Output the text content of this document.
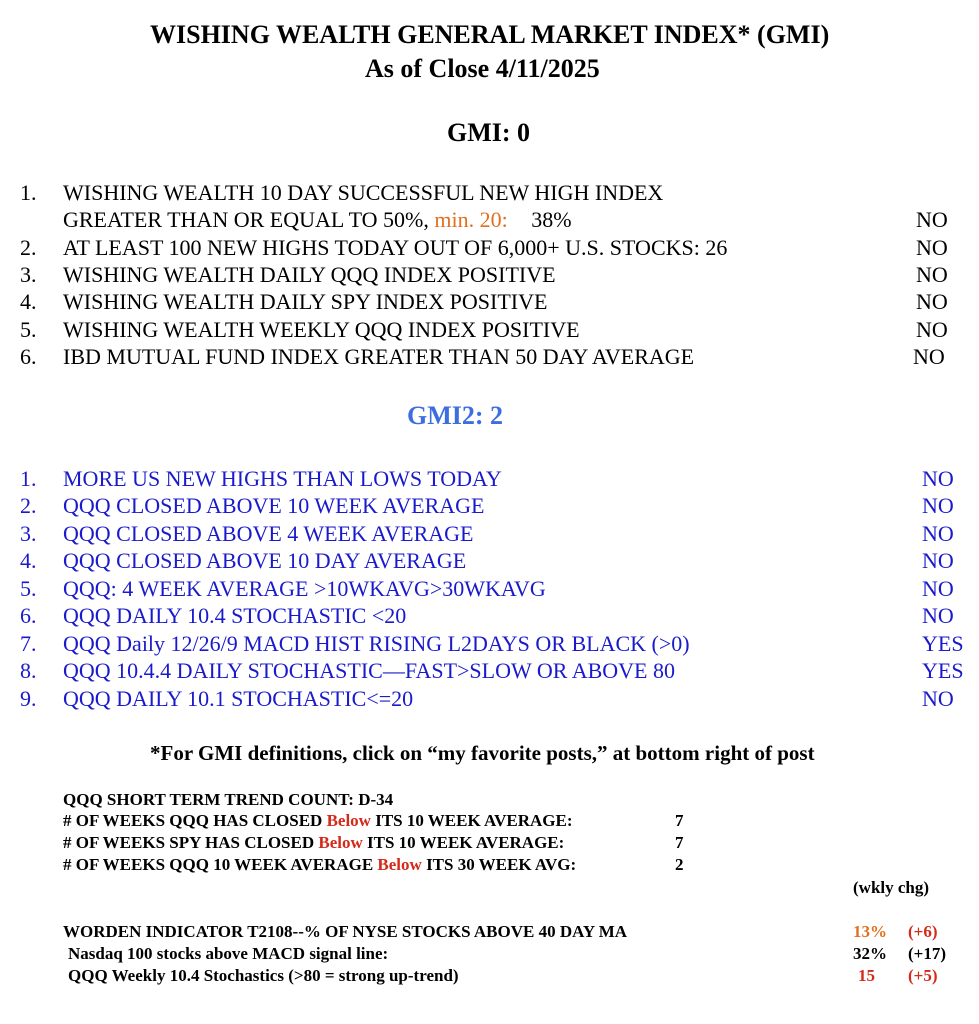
WISHING WEALTH GENERAL MARKET INDEX* (GMI)
As of Close 4/11/2025
GMI: 0
1. WISHING WEALTH 10 DAY SUCCESSFUL NEW HIGH INDEX
GREATER THAN OR EQUAL TO 50%, min. 20: 38%	NO
2. AT LEAST 100 NEW HIGHS TODAY OUT OF 6,000+ U.S. STOCKS: 26	NO
3. WISHING WEALTH DAILY QQQ INDEX POSITIVE	NO
4. WISHING WEALTH DAILY SPY INDEX POSITIVE	NO
5. WISHING WEALTH WEEKLY QQQ INDEX POSITIVE	NO
6. IBD MUTUAL FUND INDEX GREATER THAN 50 DAY AVERAGE	NO
GMI2: 2
1. MORE US NEW HIGHS THAN LOWS TODAY	NO
2. QQQ CLOSED ABOVE 10 WEEK AVERAGE	NO
3. QQQ CLOSED ABOVE 4 WEEK AVERAGE	NO
4. QQQ CLOSED ABOVE 10 DAY AVERAGE	NO
5. QQQ: 4 WEEK AVERAGE >10WKAVG>30WKAVG	NO
6. QQQ DAILY 10.4 STOCHASTIC <20	NO
7. QQQ Daily 12/26/9 MACD HIST RISING L2DAYS OR BLACK (>0)	YES
8. QQQ 10.4.4 DAILY STOCHASTIC—FAST>SLOW OR ABOVE 80	YES
9. QQQ DAILY 10.1 STOCHASTIC<=20	NO
*For GMI definitions, click on “my favorite posts,” at bottom right of post
QQQ SHORT TERM TREND COUNT: D-34
# OF WEEKS QQQ HAS CLOSED Below ITS 10 WEEK AVERAGE:	7
# OF WEEKS SPY HAS CLOSED Below ITS 10 WEEK AVERAGE:	7
# OF WEEKS QQQ 10 WEEK AVERAGE Below ITS 30 WEEK AVG:	2
(wkly chg)
WORDEN INDICATOR T2108--% OF NYSE STOCKS ABOVE 40 DAY MA	13% (+6)
Nasdaq 100 stocks above MACD signal line:	32% (+17)
QQQ Weekly 10.4 Stochastics (>80 = strong up-trend)	15 (+5)
